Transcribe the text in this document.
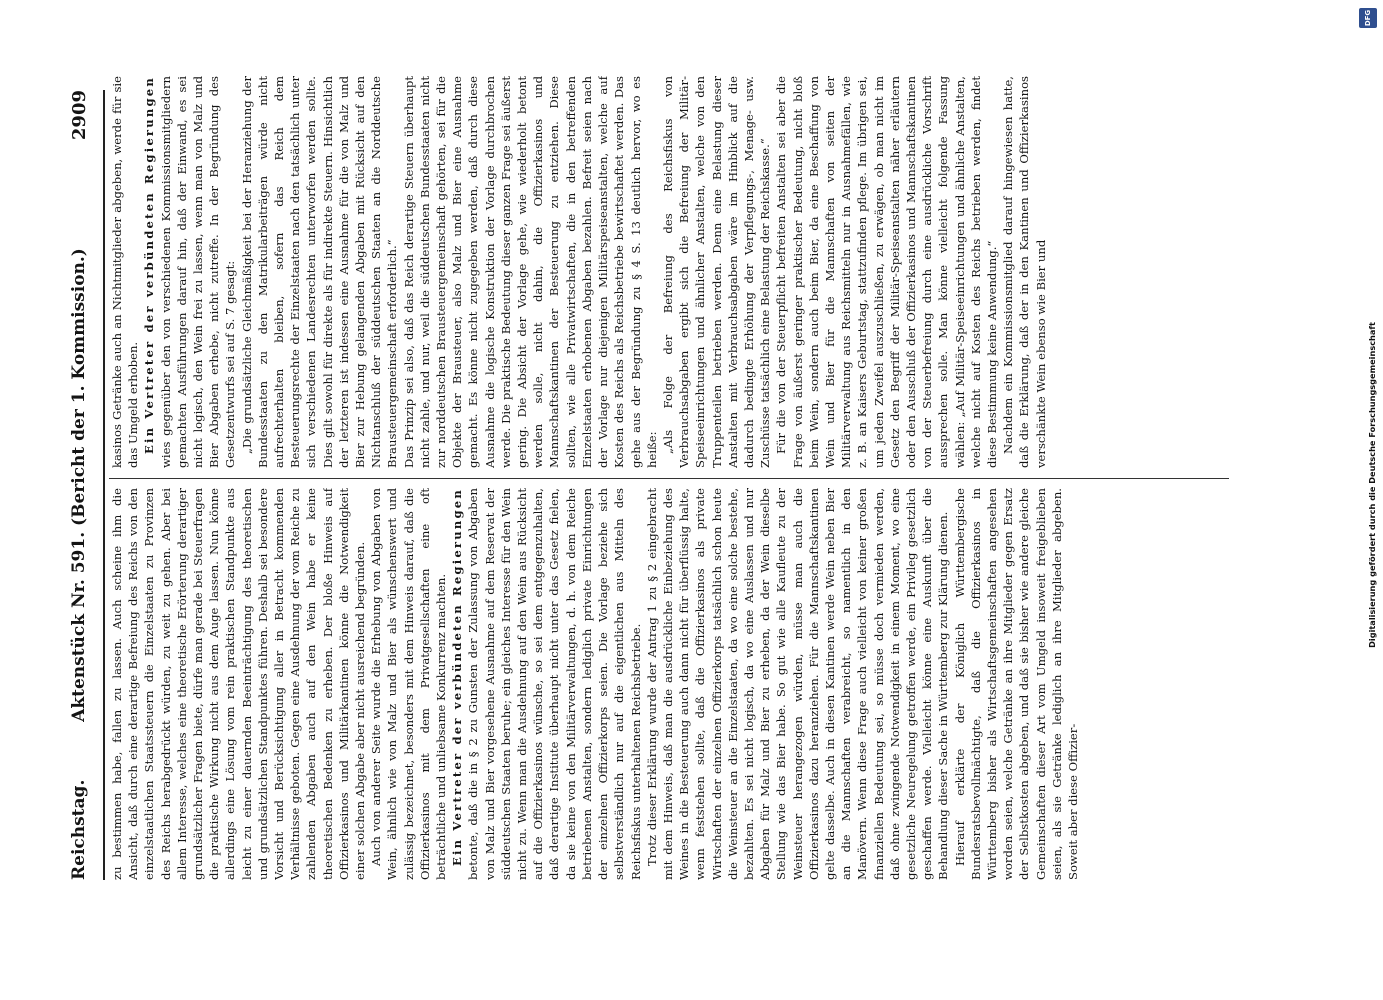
Reichstag.
Aktenstück Nr. 591. (Bericht der 1. Kommission.)
2909

zu bestimmen habe, fallen zu lassen. Auch scheine ihm die Ansicht, daß durch eine derartige Befreiung des Reichs von den einzelstaatlichen Staatssteuern die Einzelstaaten zu Provinzen des Reichs herabgedrückt würden, zu weit zu gehen. Aber bei allem Interesse, welches eine theoretische Erörterung derartiger grundsätzlicher Fragen biete, dürfe man gerade bei Steuerfragen die praktische Wirkung nicht aus dem Auge lassen. Nun könne allerdings eine Lösung vom rein praktischen Standpunkte aus leicht zu einer dauernden Beeinträchtigung des theoretischen und grundsätzlichen Standpunktes führen. Deshalb sei besondere Vorsicht und Berücksichtigung aller in Betracht kommenden Verhältnisse geboten. Gegen eine Ausdehnung der vom Reiche zu zahlenden Abgaben auch auf den Wein habe er keine theoretischen Bedenken zu erheben. Der bloße Hinweis auf Offizierkasinos und Militärkantinen könne die Notwendigkeit einer solchen Abgabe aber nicht ausreichend begründen. Auch von anderer Seite wurde die Erhebung von Abgaben von Wein, ähnlich wie von Malz und Bier als wünschenswert und zulässig bezeichnet, besonders mit dem Hinweis darauf, daß die Offizierkasinos mit dem Privatgesellschaften eine oft beträchtliche und unliebsame Konkurrenz machten. Ein Vertreter der verbündeten Regierungen betonte, daß die in § 2 zu Gunsten der Zulassung von Abgaben von Malz und Bier vorgesehene Ausnahme auf dem Reservat der süddeutschen Staaten beruhe; ein gleiches Interesse für den Wein nicht zu. Wenn man die Ausdehnung auf den Wein aus Rücksicht auf die Offizierkasinos wünsche, so sei dem entgegenzuhalten, daß derartige Institute überhaupt nicht unter das Gesetz fielen, da sie keine von den Militärverwaltungen, d. h. von dem Reiche betriebenen Anstalten, sondern lediglich private Einrichtungen der einzelnen Offizierkorps seien. Die Vorlage beziehe sich selbstverständlich nur auf die eigentlichen aus Mitteln des Reichsfiskus unterhaltenen Reichsbetriebe. Trotz dieser Erklärung wurde der Antrag 1 zu § 2 eingebracht mit dem Hinweis, daß man die ausdrückliche Einbeziehung des Weines in die Besteuerung auch dann nicht für überflüssig halte, wenn feststehen sollte, daß die Offizierkasinos als private Wirtschaften der einzelnen Offizierkorps tatsächlich schon heute die Weinsteuer an die Einzelstaaten, da wo eine solche bestehe, bezahlten. Es sei nicht logisch, da wo eine Auslassen und nur Abgaben für Malz und Bier zu erheben, da der Wein dieselbe Stellung wie das Bier habe. So gut wie alle Kaufleute zu der Weinsteuer herangezogen würden, müsse man auch die Offizierkasinos dazu heranziehen. Für die Mannschaftskantinen gelte dasselbe. Auch in diesen Kantinen werde Wein neben Bier an die Mannschaften verabreicht, so namentlich in den Manövern. Wenn diese Frage auch vielleicht von keiner großen finanziellen Bedeutung sei, so müsse doch vermieden werden, daß ohne zwingende Notwendigkeit in einem Moment, wo eine gesetzliche Neuregelung getroffen werde, ein Privileg gesetzlich geschaffen werde. Vielleicht könne eine Auskunft über die Behandlung dieser Sache in Württemberg zur Klärung dienen. Hierauf erklärte der Königlich Württembergische Bundesratsbevollmächtigte, daß die Offizierkasinos in Württemberg bisher als Wirtschaftsgemeinschaften angesehen worden seien, welche Getränke an ihre Mitglieder gegen Ersatz der Selbstkosten abgeben, und daß sie bisher wie andere gleiche Gemeinschaften dieser Art vom Umgeld insoweit freigeblieben seien, als sie Getränke lediglich an ihre Mitglieder abgeben. Soweit aber diese Offizier-

kasinos Getränke auch an Nichtmitglieder abgeben, werde für sie das Umgeld erhoben. Ein Vertreter der verbündeten Regierungen wies gegenüber den von verschiedenen Kommissionsmitgliedern gemachten Ausführungen darauf hin, daß der Einwand, es sei nicht logisch, den Wein frei zu lassen, wenn man von Malz und Bier Abgaben erhebe, nicht zutreffe. In der Begründung des Gesetzentwurfs sei auf S. 7 gesagt: „Die grundsätzliche Gleichmäßigkeit bei der Heranziehung der Bundesstaaten zu den Matrikularbeiträgen würde nicht aufrechterhalten bleiben, sofern das Reich dem Besteuerungsrechte der Einzelstaaten nach den tatsächlich unter sich verschiedenen Landesrechten unterworfen werden sollte. Dies gilt sowohl für direkte als für indirekte Steuern. Hinsichtlich der letzteren ist indessen eine Ausnahme für die von Malz und Bier zur Hebung gelangenden Abgaben mit Rücksicht auf den Nichtanschluß der süddeutschen Staaten an die Norddeutsche Brausteuergemeinschaft erforderlich.“ Das Prinzip sei also, daß das Reich derartige Steuern überhaupt nicht zahle, und nur, weil die süddeutschen Bundesstaaten nicht zur norddeutschen Brausteuergemeinschaft gehörten, sei für die Objekte der Brausteuer, also Malz und Bier eine Ausnahme gemacht. Es könne nicht zugegeben werden, daß durch diese Ausnahme die logische Konstruktion der Vorlage durchbrochen werde. Die praktische Bedeutung dieser ganzen Frage sei äußerst gering. Die Absicht der Vorlage gehe, wie wiederholt betont werden solle, nicht dahin, die Offizierkasinos und Mannschaftskantinen der Besteuerung zu entziehen. Diese sollten, wie alle Privatwirtschaften, die in den betreffenden Einzelstaaten erhobenen Abgaben bezahlen. Befreit seien nach der Vorlage nur diejenigen Militärspeiseanstalten, welche auf Kosten des Reichs als Reichsbetriebe bewirtschaftet werden. Das gehe aus der Begründung zu § 4 S. 13 deutlich hervor, wo es heiße: „Als Folge der Befreiung des Reichsfiskus von Verbrauchsabgaben ergibt sich die Befreiung der Militär-Speiseeinrichtungen und ähnlicher Anstalten, welche von den Truppenteilen betrieben werden. Denn eine Belastung dieser Anstalten mit Verbrauchsabgaben wäre im Hinblick auf die dadurch bedingte Erhöhung der Verpflegungs-, Menage- usw. Zuschüsse tatsächlich eine Belastung der Reichskasse.“ Für die von der Steuerpflicht befreiten Anstalten sei aber die Frage von äußerst geringer praktischer Bedeutung, nicht bloß beim Wein, sondern auch beim Bier, da eine Beschaffung von Wein und Bier für die Mannschaften von seiten der Militärverwaltung aus Reichsmitteln nur in Ausnahmefällen, wie z. B. an Kaisers Geburtstag, stattzufinden pflege. Im übrigen sei, um jeden Zweifel auszuschließen, zu erwägen, ob man nicht im Gesetz den Begriff der Militär-Speiseanstalten näher erläutern oder den Ausschluß der Offizierkasinos und Mannschaftskantinen von der Steuerbefreiung durch eine ausdrückliche Vorschrift aussprechen solle. Man könne vielleicht folgende Fassung wählen: „Auf Militär-Speiseeinrichtungen und ähnliche Anstalten, welche nicht auf Kosten des Reichs betrieben werden, findet diese Bestimmung keine Anwendung.“ Nachdem ein Kommissionsmitglied darauf hingewiesen hatte, daß die Erklärung, daß der in den Kantinen und Offizierkasinos verschänkte Wein ebenso wie Bier und

DFG
Digitalisierung gefördert durch die Deutsche Forschungsgemeinschaft
